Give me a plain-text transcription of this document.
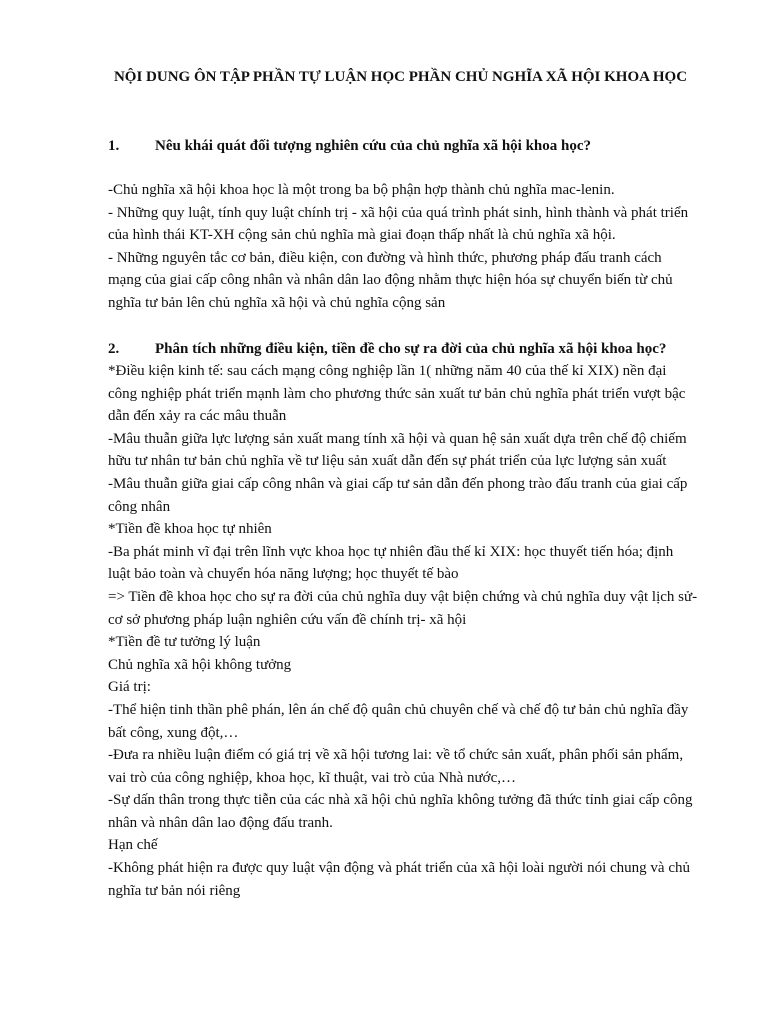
NỘI DUNG ÔN TẬP PHẦN TỰ LUẬN HỌC PHẦN CHỦ NGHĨA XÃ HỘI KHOA HỌC
1. Nêu khái quát đối tượng nghiên cứu của chủ nghĩa xã hội khoa học?

-Chủ nghĩa xã hội khoa học là một trong ba bộ phận hợp thành chủ nghĩa mac-lenin.

- Những quy luật, tính quy luật chính trị - xã hội của quá trình phát sinh, hình thành và phát triển của hình thái KT-XH cộng sản chủ nghĩa mà giai đoạn thấp nhất là chủ nghĩa xã hội.

- Những nguyên tắc cơ bản, điều kiện, con đường và hình thức, phương pháp đấu tranh cách mạng của giai cấp công nhân và nhân dân lao động nhằm thực hiện hóa sự chuyển biến từ chủ nghĩa tư bản lên chủ nghĩa xã hội và chủ nghĩa cộng sản

2. Phân tích những điều kiện, tiền đề cho sự ra đời của chủ nghĩa xã hội khoa học?

*Điều kiện kinh tế: sau cách mạng công nghiệp lần 1( những năm 40 của thế kỉ XIX) nền đại công nghiệp phát triển mạnh làm cho phương thức sản xuất tư bản chủ nghĩa phát triển vượt bậc dẫn đến xảy ra các mâu thuẫn

-Mâu thuẫn giữa lực lượng sản xuất mang tính xã hội và quan hệ sản xuất dựa trên chế độ chiếm hữu tư nhân tư bản chủ nghĩa về tư liệu sản xuất dẫn đến sự phát triển của lực lượng sản xuất

-Mâu thuẫn giữa giai cấp công nhân và giai cấp tư sản dẫn đến phong trào đấu tranh của giai cấp công nhân

*Tiền đề khoa học tự nhiên

-Ba phát minh vĩ đại trên lĩnh vực khoa học tự nhiên đầu thế kỉ XIX: học thuyết tiến hóa; định luật bảo toàn và chuyển hóa năng lượng; học thuyết tế bào

=> Tiền đề khoa học cho sự ra đời của chủ nghĩa duy vật biện chứng và chủ nghĩa duy vật lịch sử-cơ sở phương pháp luận nghiên cứu vấn đề chính trị- xã hội

*Tiền đề tư tưởng lý luận

Chủ nghĩa xã hội không tưởng

Giá trị:

-Thể hiện tinh thần phê phán, lên án chế độ quân chủ chuyên chế và chế độ tư bản chủ nghĩa đầy bất công, xung đột,…

-Đưa ra nhiều luận điểm có giá trị về xã hội tương lai: về tổ chức sản xuất, phân phối sản phẩm, vai trò của công nghiệp, khoa học, kĩ thuật, vai trò của Nhà nước,…

-Sự dấn thân trong thực tiễn của các nhà xã hội chủ nghĩa không tưởng đã thức tỉnh giai cấp công nhân và nhân dân lao động đấu tranh.

Hạn chế

-Không phát hiện ra được quy luật vận động và phát triển của xã hội loài người nói chung và chủ nghĩa tư bản nói riêng
